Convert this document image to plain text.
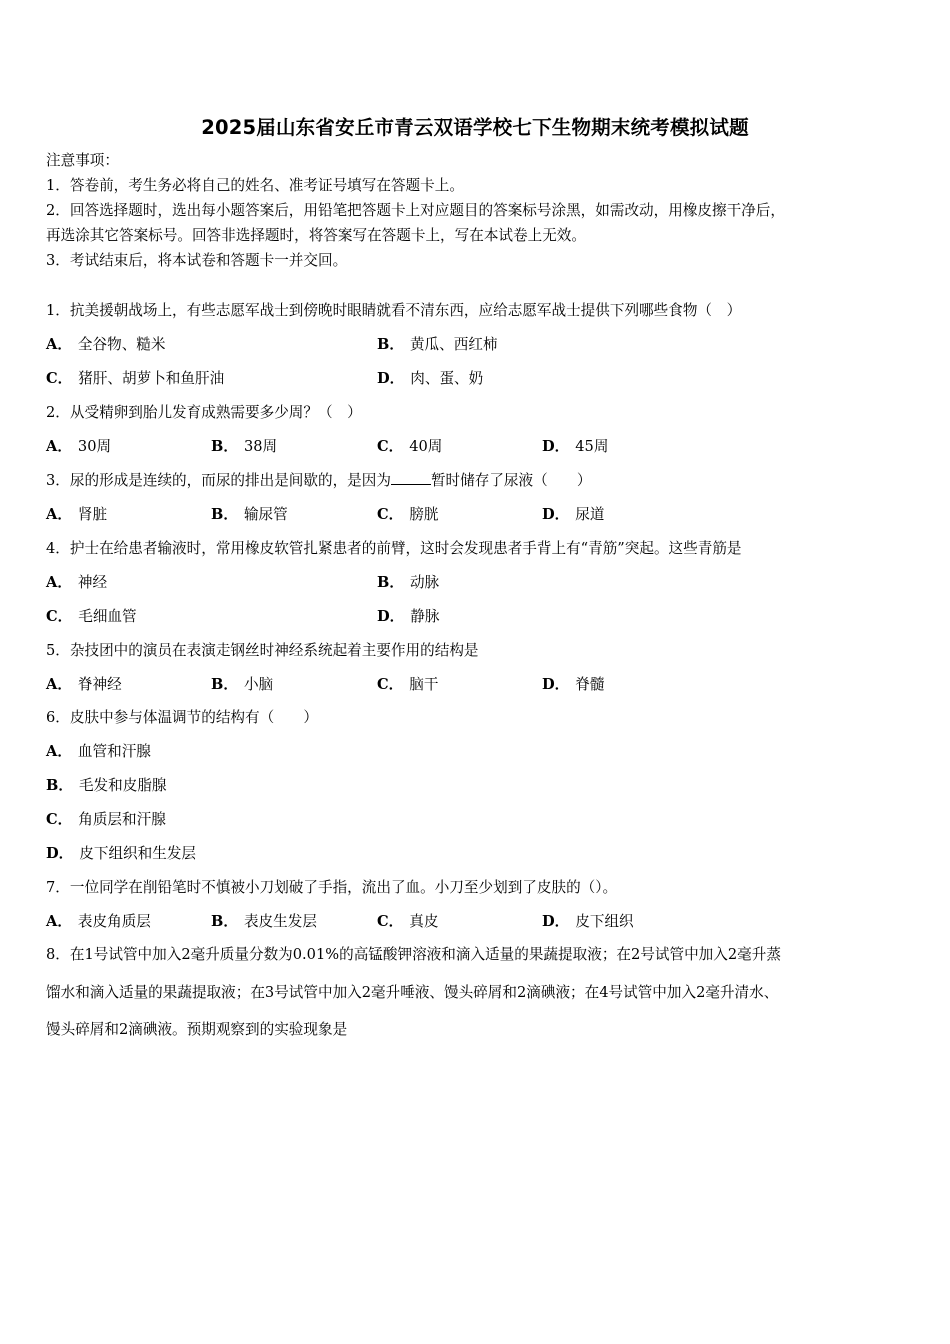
2025届山东省安丘市青云双语学校七下生物期末统考模拟试题
注意事项：
1．答卷前，考生务必将自己的姓名、准考证号填写在答题卡上。
2．回答选择题时，选出每小题答案后，用铅笔把答题卡上对应题目的答案标号涂黑，如需改动，用橡皮擦干净后，
再选涂其它答案标号。回答非选择题时，将答案写在答题卡上，写在本试卷上无效。
3．考试结束后，将本试卷和答题卡一并交回。
1．抗美援朝战场上，有些志愿军战士到傍晚时眼睛就看不清东西，应给志愿军战士提供下列哪些食物（　）
A． 全谷物、糙米	B． 黄瓜、西红柿
C． 猪肝、胡萝卜和鱼肝油	D． 肉、蛋、奶
2．从受精卵到胎儿发育成熟需要多少周？（　）
A． 30周	B． 38周	C． 40周	D． 45周
3．尿的形成是连续的，而尿的排出是间歇的，是因为	暂时储存了尿液（　　）
A． 肾脏	B． 输尿管	C． 膀胱	D． 尿道
4．护士在给患者输液时，常用橡皮软管扎紧患者的前臂，这时会发现患者手背上有“青筋”突起。这些青筋是
A． 神经	B． 动脉
C． 毛细血管	D． 静脉
5．杂技团中的演员在表演走钢丝时神经系统起着主要作用的结构是
A． 脊神经	B． 小脑	C． 脑干	D． 脊髓
6．皮肤中参与体温调节的结构有（　　）
A． 血管和汗腺
B． 毛发和皮脂腺
C． 角质层和汗腺
D． 皮下组织和生发层
7．一位同学在削铅笔时不慎被小刀划破了手指，流出了血。小刀至少划到了皮肤的（）。
A． 表皮角质层	B． 表皮生发层	C． 真皮	D． 皮下组织
8．在1号试管中加入2毫升质量分数为0.01%的高锰酸钾溶液和滴入适量的果蔬提取液；在2号试管中加入2毫升蒸
馏水和滴入适量的果蔬提取液；在3号试管中加入2毫升唾液、馒头碎屑和2滴碘液；在4号试管中加入2毫升清水、
馒头碎屑和2滴碘液。预期观察到的实验现象是
